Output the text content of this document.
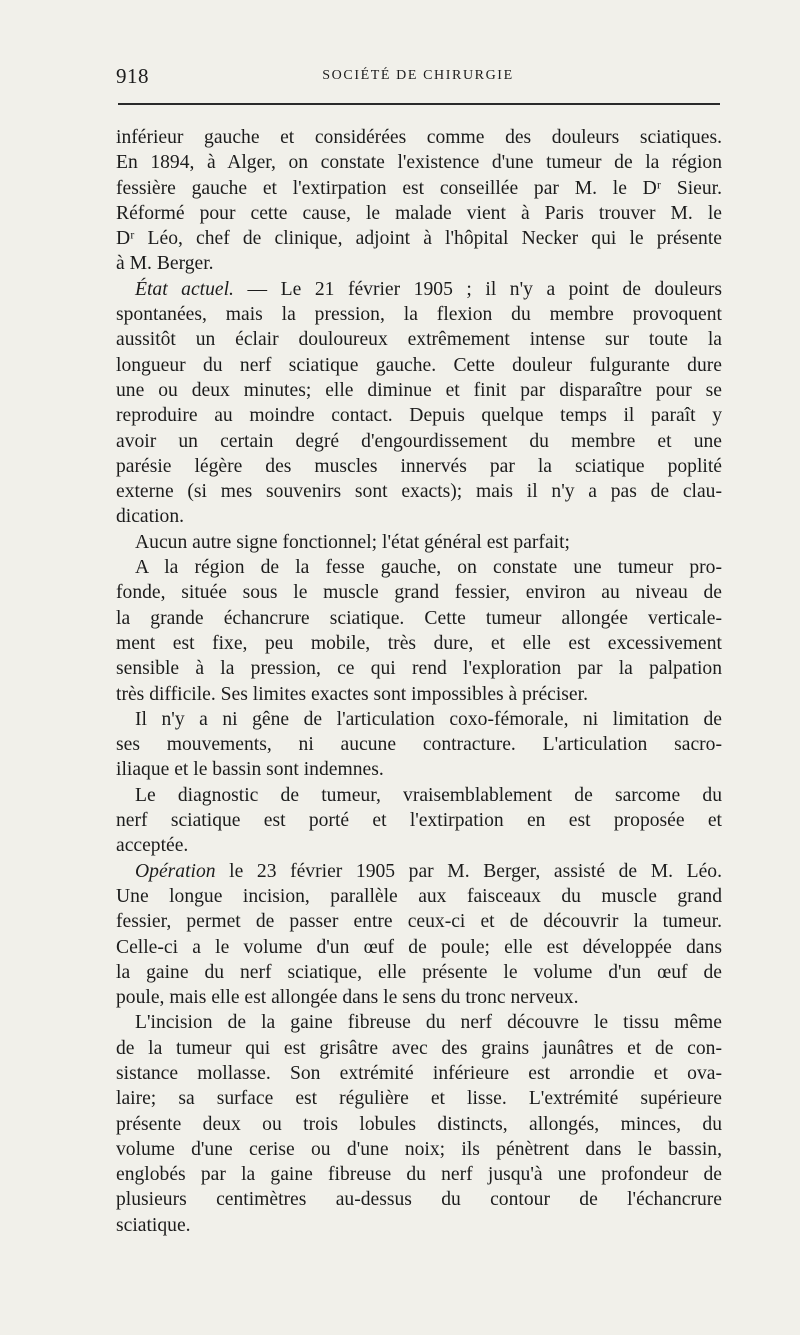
918	SOCIÉTÉ DE CHIRURGIE
inférieur gauche et considérées comme des douleurs sciatiques.
En 1894, à Alger, on constate l'existence d'une tumeur de la région
fessière gauche et l'extirpation est conseillée par M. le Dʳ Sieur.
Réformé pour cette cause, le malade vient à Paris trouver M. le
Dʳ Léo, chef de clinique, adjoint à l'hôpital Necker qui le présente
à M. Berger.
État actuel. — Le 21 février 1905 ; il n'y a point de douleurs
spontanées, mais la pression, la flexion du membre provoquent
aussitôt un éclair douloureux extrêmement intense sur toute la
longueur du nerf sciatique gauche. Cette douleur fulgurante dure
une ou deux minutes; elle diminue et finit par disparaître pour se
reproduire au moindre contact. Depuis quelque temps il paraît y
avoir un certain degré d'engourdissement du membre et une
parésie légère des muscles innervés par la sciatique poplité
externe (si mes souvenirs sont exacts); mais il n'y a pas de clau-
dication.
Aucun autre signe fonctionnel; l'état général est parfait;
A la région de la fesse gauche, on constate une tumeur pro-
fonde, située sous le muscle grand fessier, environ au niveau de
la grande échancrure sciatique. Cette tumeur allongée verticale-
ment est fixe, peu mobile, très dure, et elle est excessivement
sensible à la pression, ce qui rend l'exploration par la palpation
très difficile. Ses limites exactes sont impossibles à préciser.
Il n'y a ni gêne de l'articulation coxo-fémorale, ni limitation de
ses mouvements, ni aucune contracture. L'articulation sacro-
iliaque et le bassin sont indemnes.
Le diagnostic de tumeur, vraisemblablement de sarcome du
nerf sciatique est porté et l'extirpation en est proposée et
acceptée.
Opération le 23 février 1905 par M. Berger, assisté de M. Léo.
Une longue incision, parallèle aux faisceaux du muscle grand
fessier, permet de passer entre ceux-ci et de découvrir la tumeur.
Celle-ci a le volume d'un œuf de poule; elle est développée dans
la gaine du nerf sciatique, elle présente le volume d'un œuf de
poule, mais elle est allongée dans le sens du tronc nerveux.
L'incision de la gaine fibreuse du nerf découvre le tissu même
de la tumeur qui est grisâtre avec des grains jaunâtres et de con-
sistance mollasse. Son extrémité inférieure est arrondie et ova-
laire; sa surface est régulière et lisse. L'extrémité supérieure
présente deux ou trois lobules distincts, allongés, minces, du
volume d'une cerise ou d'une noix; ils pénètrent dans le bassin,
englobés par la gaine fibreuse du nerf jusqu'à une profondeur de
plusieurs centimètres au-dessus du contour de l'échancrure
sciatique.
